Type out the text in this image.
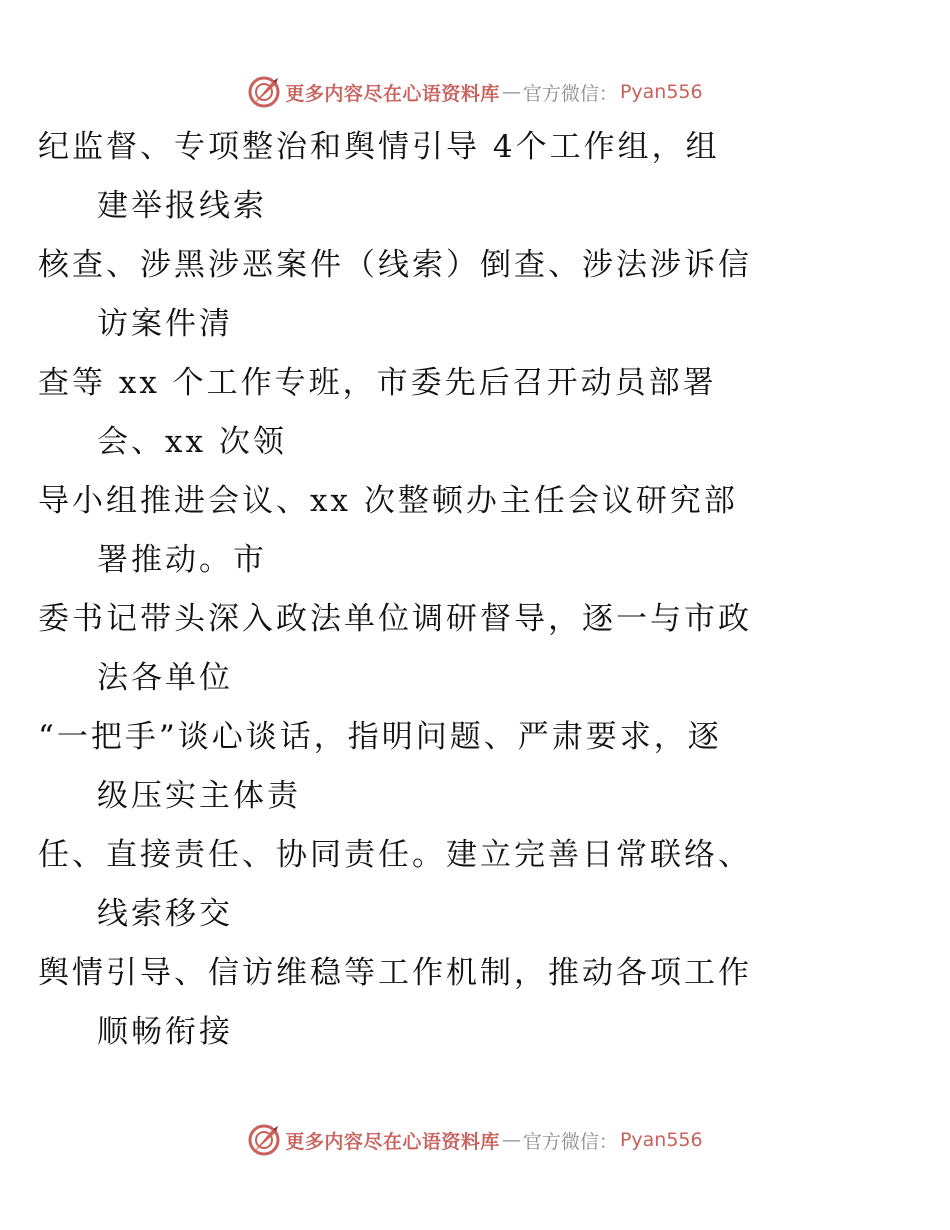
更多内容尽在心语资料库 — 官方微信： Pyan556

纪监督、专项整治和舆情引导 4个工作组，组
建举报线索

核查、涉黑涉恶案件（线索）倒查、涉法涉诉信
访案件清

查等 xx 个工作专班，市委先后召开动员部署
会、xx 次领

导小组推进会议、xx 次整顿办主任会议研究部
署推动。市

委书记带头深入政法单位调研督导，逐一与市政
法各单位

“一把手”谈心谈话，指明问题、严肃要求，逐
级压实主体责

任、直接责任、协同责任。建立完善日常联络、
线索移交

舆情引导、信访维稳等工作机制，推动各项工作
顺畅衔接

更多内容尽在心语资料库 — 官方微信： Pyan556
